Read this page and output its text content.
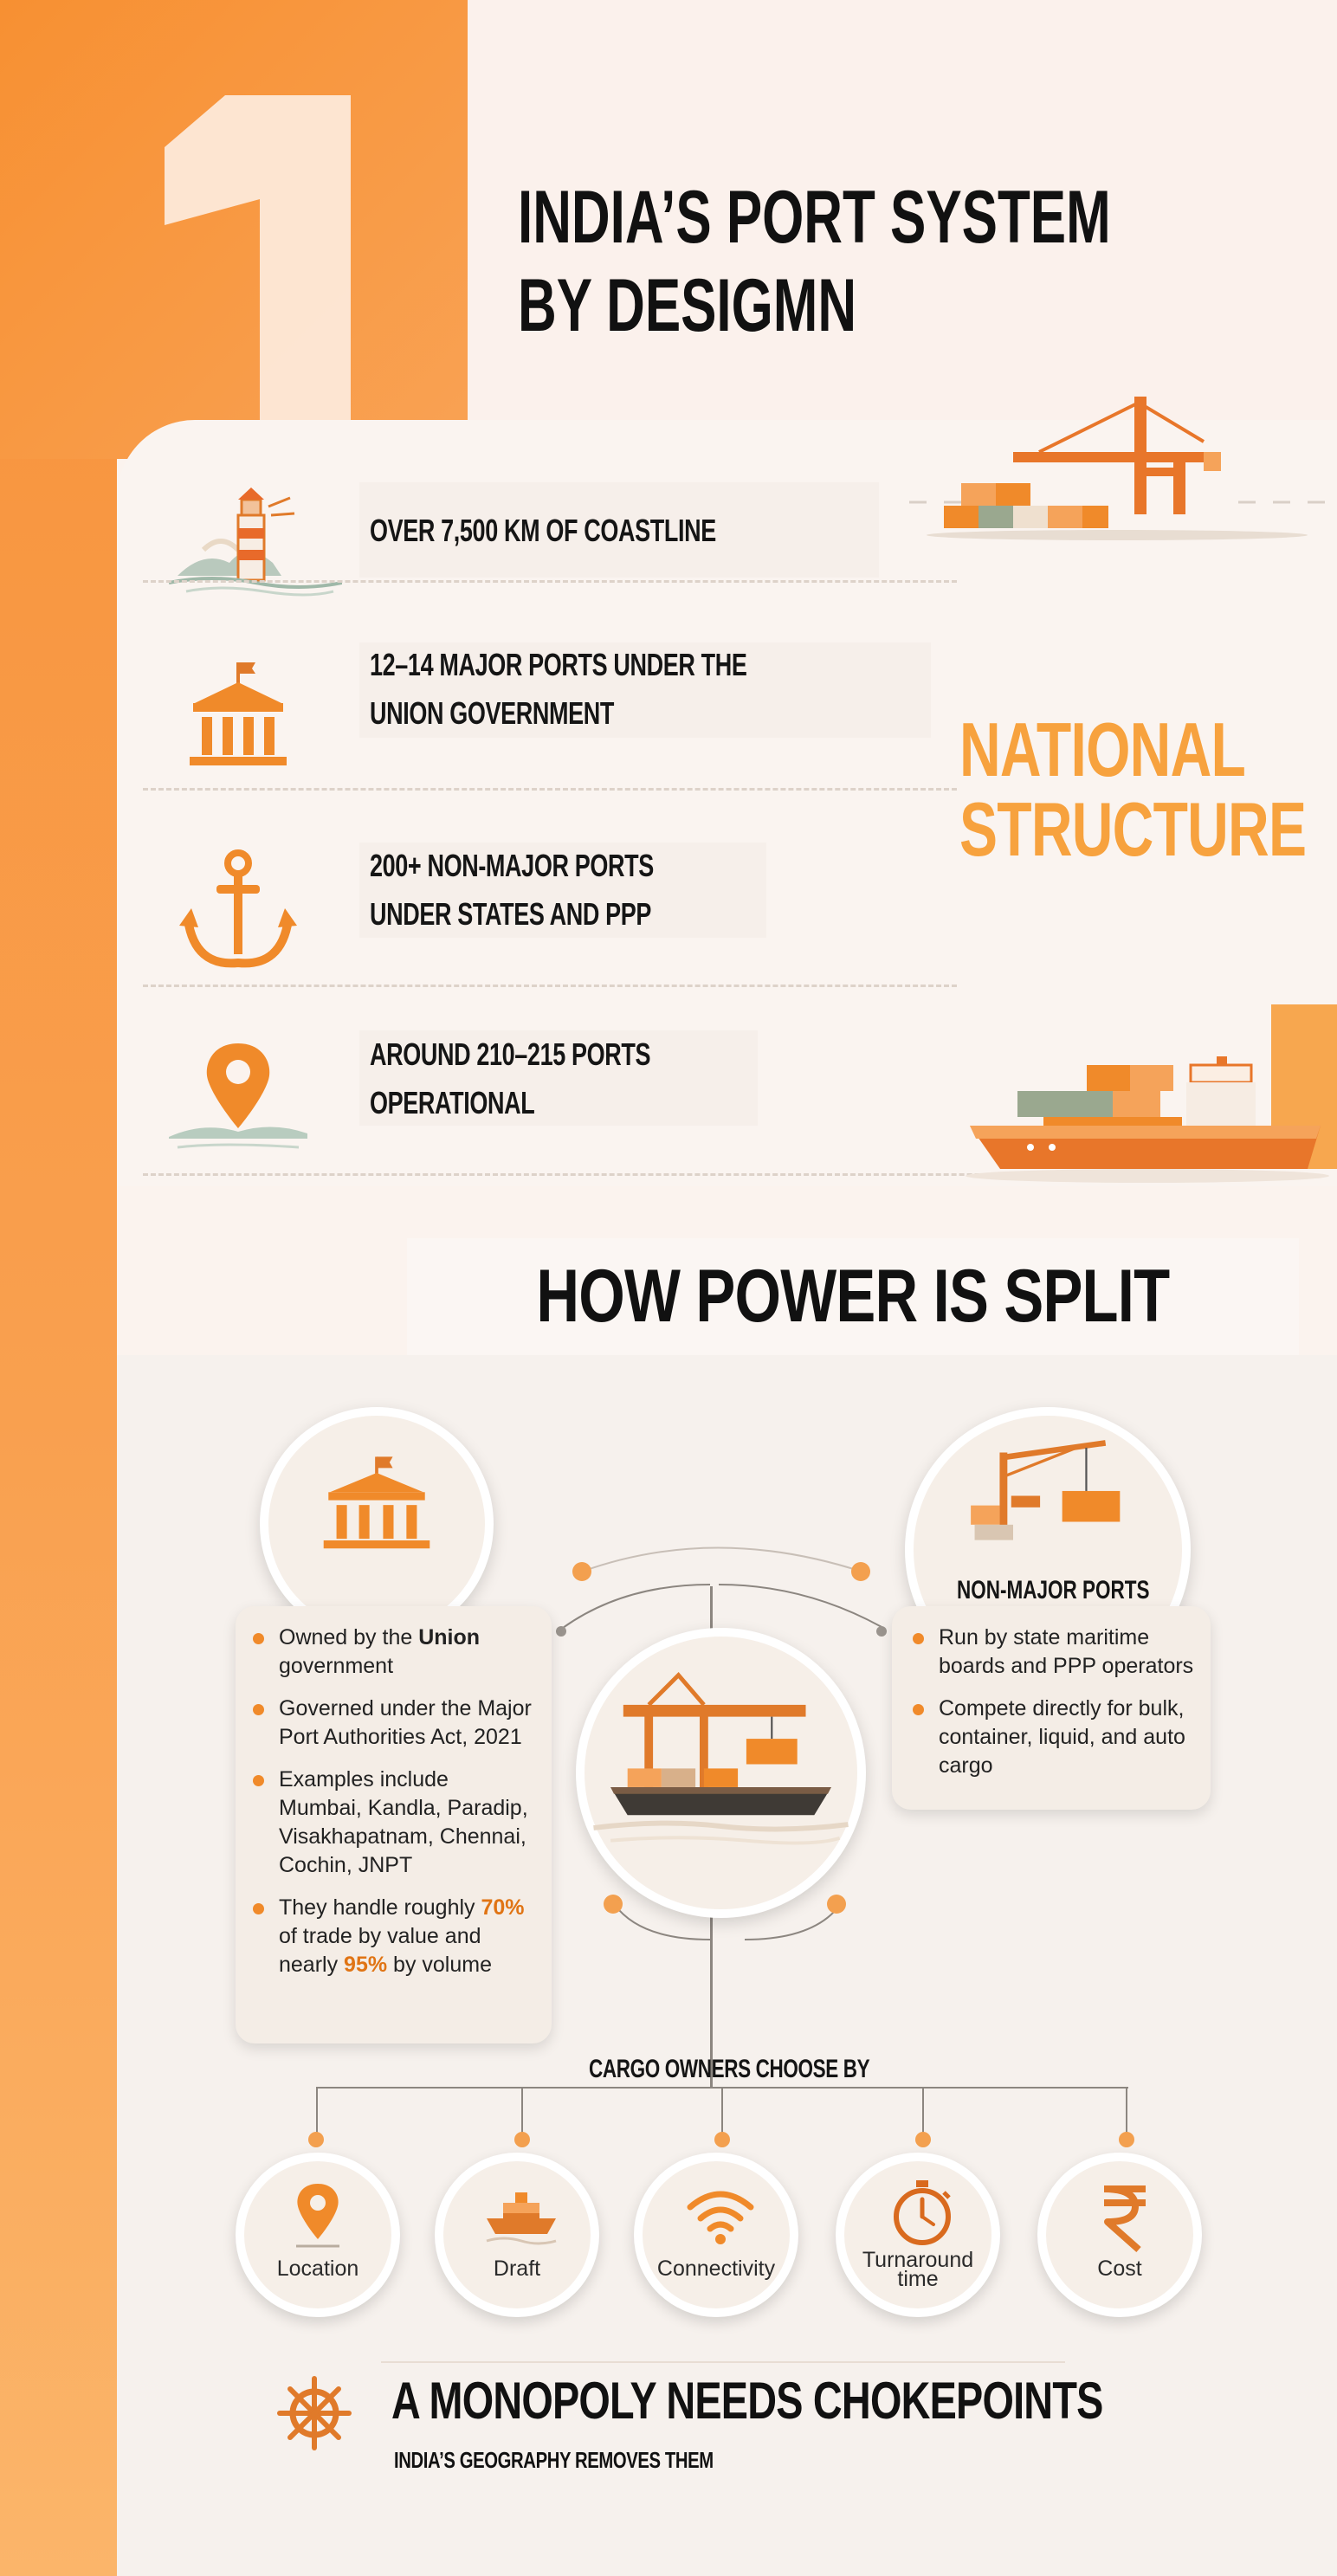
1
INDIA’S PORT SYSTEM
BY DESIGMN
OVER 7,500 KM OF COASTLINE
12–14 MAJOR PORTS UNDER THE
UNION GOVERNMENT
200+ NON-MAJOR PORTS
UNDER STATES AND PPP
AROUND 210–215 PORTS
OPERATIONAL
NATIONAL
STRUCTURE
HOW POWER IS SPLIT
Owned by the Union government
Governed under the Major Port Authorities Act, 2021
Examples include Mumbai, Kandla, Paradip, Visakhapatnam, Chennai, Cochin, JNPT
They handle roughly 70% of trade by value and nearly 95% by volume
NON-MAJOR PORTS
Run by state maritime boards and PPP operators
Compete directly for bulk, container, liquid, and auto cargo
CARGO OWNERS CHOOSE BY
Location	Draft	Connectivity	Turnaround
time	Cost
A MONOPOLY NEEDS CHOKEPOINTS
INDIA’S GEOGRAPHY REMOVES THEM
